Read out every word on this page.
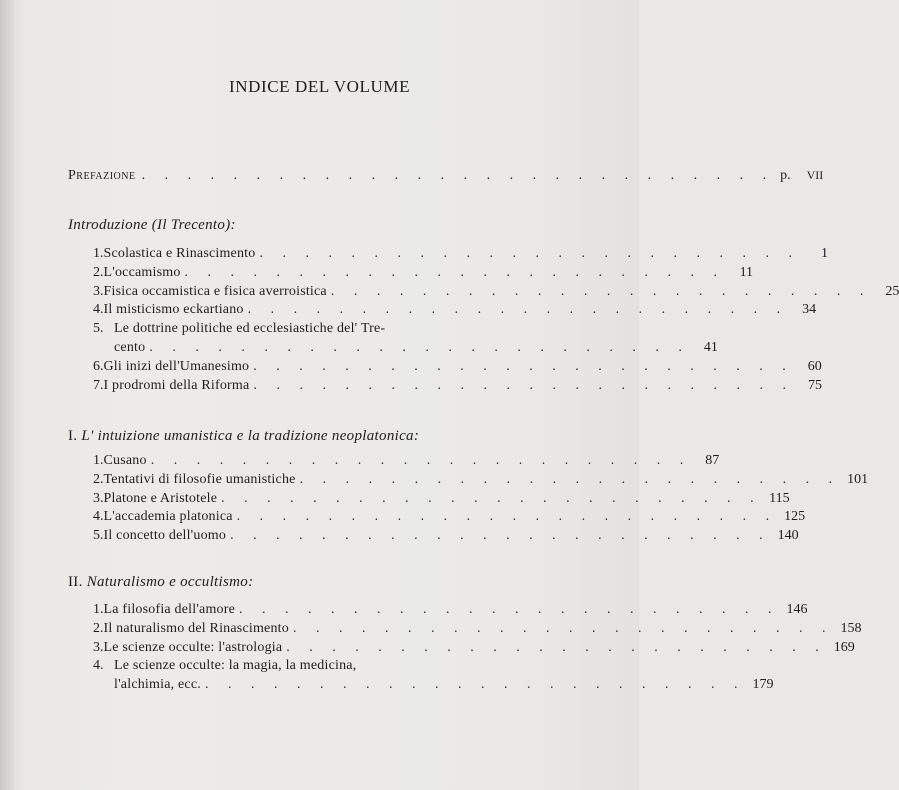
INDICE DEL VOLUME
Prefazione . . . . . . . . . . . . . . . . . . . . . . . . . . . . p. VII
Introduzione (Il Trecento):
1. Scolastica e Rinascimento . . . . . . . . . . . . . . . . . . . . . . . .	1
2. L'occamismo . . . . . . . . . . . . . . . . . . . . . . . .	11
3. Fisica occamistica e fisica averroistica . . . . . . . . . . . . . . . . . . . . . . . .	25
4. Il misticismo eckartiano . . . . . . . . . . . . . . . . . . . . . . . .	34
5. Le dottrine politiche ed ecclesiastiche del' Tre-
cento . . . . . . . . . . . . . . . . . . . . . . . .	41
6. Gli inizi dell'Umanesimo . . . . . . . . . . . . . . . . . . . . . . . .	60
7. I prodromi della Riforma . . . . . . . . . . . . . . . . . . . . . . . .	75
I. L' intuizione umanistica e la tradizione neoplatonica:
1. Cusano . . . . . . . . . . . . . . . . . . . . . . . .	87
2. Tentativi di filosofie umanistiche . . . . . . . . . . . . . . . . . . . . . . . . 101
3. Platone e Aristotele . . . . . . . . . . . . . . . . . . . . . . . . 115
4. L'accademia platonica . . . . . . . . . . . . . . . . . . . . . . . . 125
5. Il concetto dell'uomo . . . . . . . . . . . . . . . . . . . . . . . . 140
II. Naturalismo e occultismo:
1. La filosofia dell'amore . . . . . . . . . . . . . . . . . . . . . . . . 146
2. Il naturalismo del Rinascimento . . . . . . . . . . . . . . . . . . . . . . . . 158
3. Le scienze occulte: l'astrologia . . . . . . . . . . . . . . . . . . . . . . . . 169
4. Le scienze occulte: la magia, la medicina,
l'alchimia, ecc. . . . . . . . . . . . . . . . . . . . . . . . . 179
